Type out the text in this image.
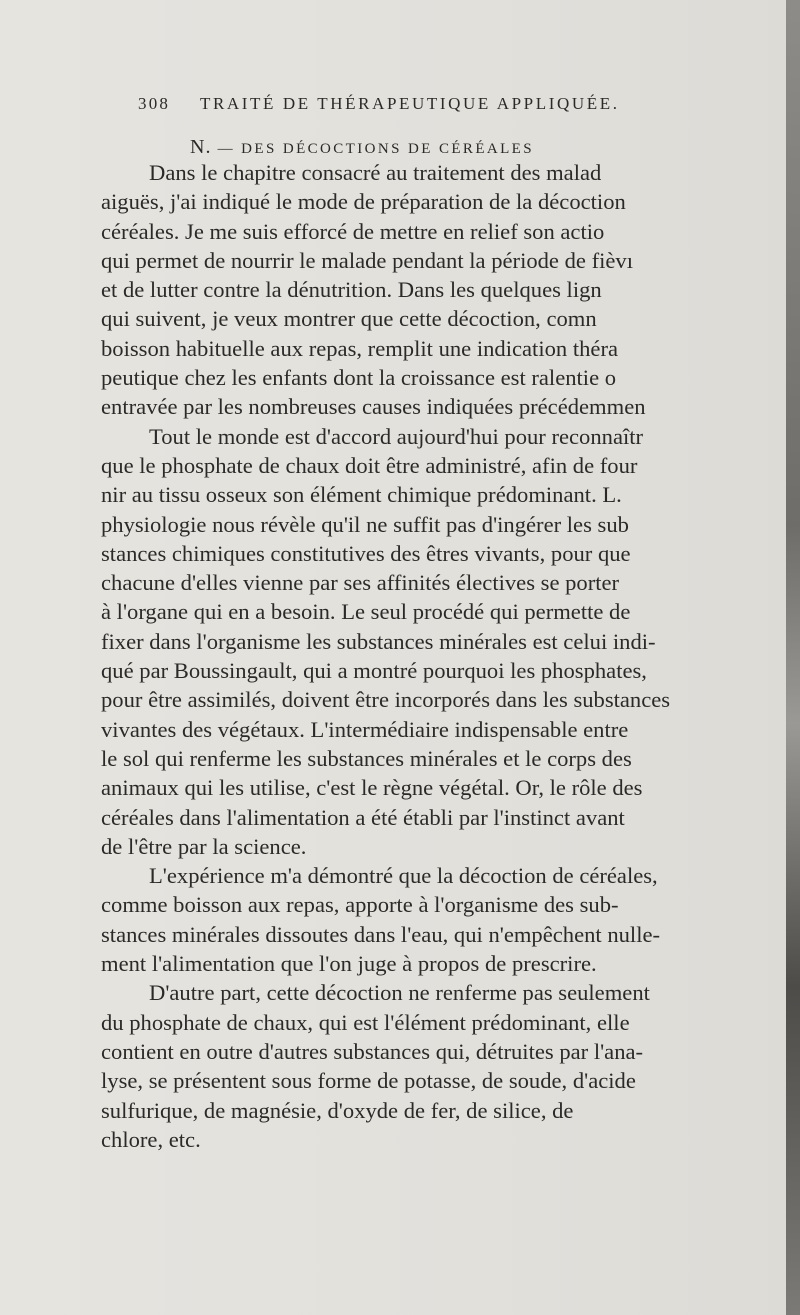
308 TRAITÉ DE THÉRAPEUTIQUE APPLIQUÉE.
N. — DES DÉCOCTIONS DE CÉRÉALES

Dans le chapitre consacré au traitement des malad
aiguës, j'ai indiqué le mode de préparation de la décoction
céréales. Je me suis efforcé de mettre en relief son actio
qui permet de nourrir le malade pendant la période de fièvı
et de lutter contre la dénutrition. Dans les quelques lign
qui suivent, je veux montrer que cette décoction, comn
boisson habituelle aux repas, remplit une indication théra
peutique chez les enfants dont la croissance est ralentie o
entravée par les nombreuses causes indiquées précédemmen

Tout le monde est d'accord aujourd'hui pour reconnaîtr
que le phosphate de chaux doit être administré, afin de four
nir au tissu osseux son élément chimique prédominant. L.
physiologie nous révèle qu'il ne suffit pas d'ingérer les sub
stances chimiques constitutives des êtres vivants, pour que
chacune d'elles vienne par ses affinités électives se porter
à l'organe qui en a besoin. Le seul procédé qui permette de
fixer dans l'organisme les substances minérales est celui indi-
qué par Boussingault, qui a montré pourquoi les phosphates,
pour être assimilés, doivent être incorporés dans les substances
vivantes des végétaux. L'intermédiaire indispensable entre
le sol qui renferme les substances minérales et le corps des
animaux qui les utilise, c'est le règne végétal. Or, le rôle des
céréales dans l'alimentation a été établi par l'instinct avant
de l'être par la science.

L'expérience m'a démontré que la décoction de céréales,
comme boisson aux repas, apporte à l'organisme des sub-
stances minérales dissoutes dans l'eau, qui n'empêchent nulle-
ment l'alimentation que l'on juge à propos de prescrire.

D'autre part, cette décoction ne renferme pas seulement
du phosphate de chaux, qui est l'élément prédominant, elle
contient en outre d'autres substances qui, détruites par l'ana-
lyse, se présentent sous forme de potasse, de soude, d'acide
sulfurique, de magnésie, d'oxyde de fer, de silice, de
chlore, etc.
